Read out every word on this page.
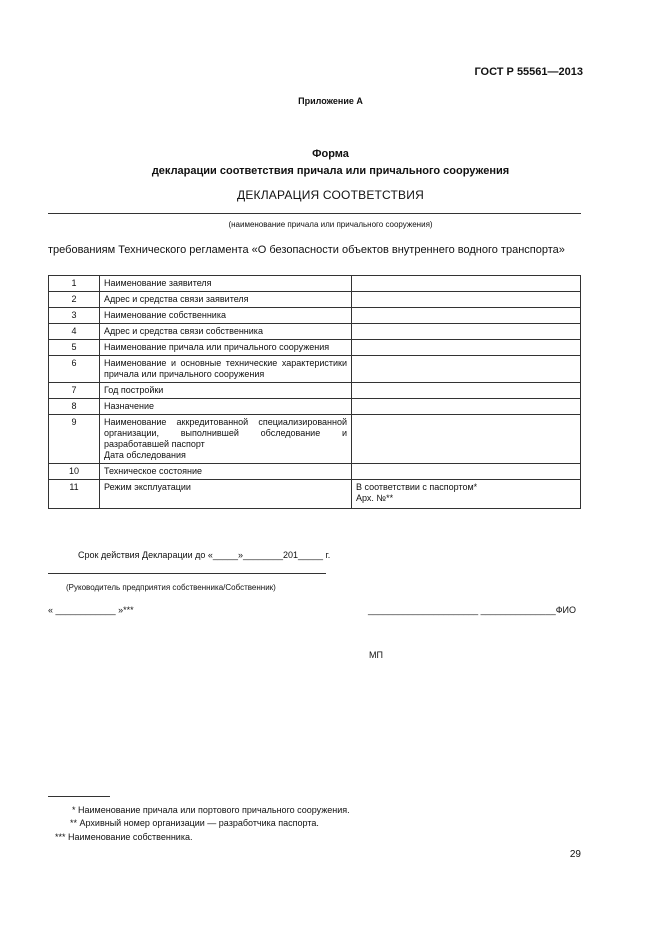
ГОСТ Р 55561—2013
Приложение А
Форма
декларации соответствия причала или причального сооружения
ДЕКЛАРАЦИЯ СООТВЕТСТВИЯ
(наименование причала или причального сооружения)
требованиям Технического регламента «О безопасности объектов внутреннего водного транспорта»
1	Наименование заявителя	
2	Адрес и средства связи заявителя	
3	Наименование собственника	
4	Адрес и средства связи собственника	
5	Наименование причала или причального сооружения	
6	Наименование и основные технические характеристики причала или причального сооружения	
7	Год постройки	
8	Назначение	
9	Наименование аккредитованной специализированной организации, выполнившей обследование и разработавшей паспорт
Дата обследования	

10	Техническое состояние	
11	Режим эксплуатации	В соответствии с паспортом*
Арх. №**
Срок действия Декларации до «_____»________201_____ г.
(Руководитель предприятия собственника/Собственник)
« ____________ »***	______________________ _______________ФИО
МП
* Наименование причала или портового причального сооружения.
** Архивный номер организации — разработчика паспорта.
*** Наименование собственника.
29
